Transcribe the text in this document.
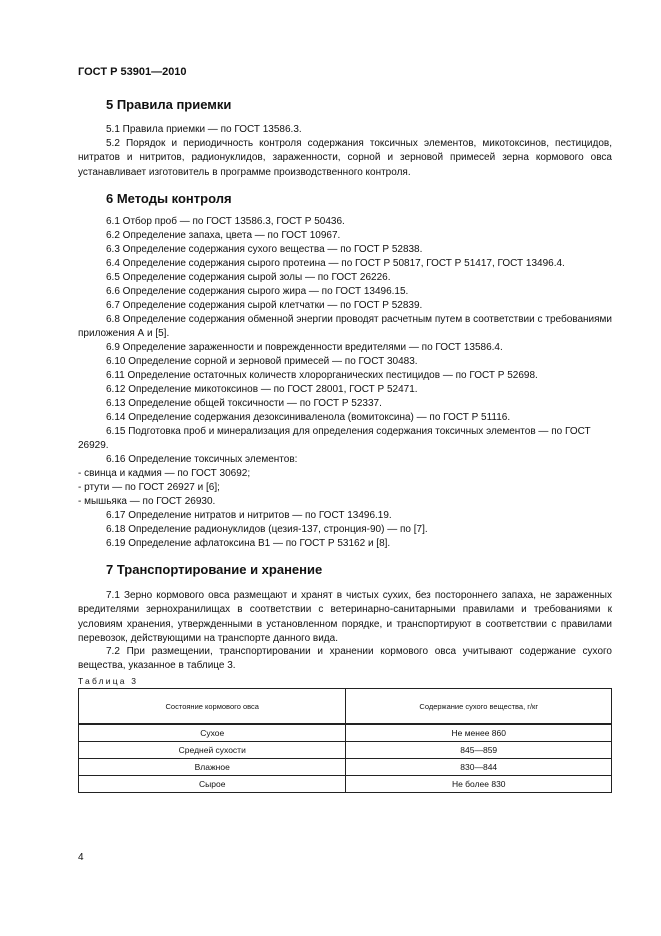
ГОСТ Р 53901—2010
5 Правила приемки
5.1 Правила приемки — по ГОСТ 13586.3.

5.2 Порядок и периодичность контроля содержания токсичных элементов, микотоксинов, пестицидов, нитратов и нитритов, радионуклидов, зараженности, сорной и зерновой примесей зерна кормового овса устанавливает изготовитель в программе производственного контроля.

6 Методы контроля
6.1 Отбор проб — по ГОСТ 13586.3, ГОСТ Р 50436.
6.2 Определение запаха, цвета — по ГОСТ 10967.
6.3 Определение содержания сухого вещества — по ГОСТ Р 52838.
6.4 Определение содержания сырого протеина — по ГОСТ Р 50817, ГОСТ Р 51417, ГОСТ 13496.4.
6.5 Определение содержания сырой золы — по ГОСТ 26226.
6.6 Определение содержания сырого жира — по ГОСТ 13496.15.
6.7 Определение содержания сырой клетчатки — по ГОСТ Р 52839.

6.8 Определение содержания обменной энергии проводят расчетным путем в соответствии с требованиями приложения А и [5].

6.9 Определение зараженности и поврежденности вредителями — по ГОСТ 13586.4.
6.10 Определение сорной и зерновой примесей — по ГОСТ 30483.
6.11 Определение остаточных количеств хлорорганических пестицидов — по ГОСТ Р 52698.
6.12 Определение микотоксинов — по ГОСТ 28001, ГОСТ Р 52471.
6.13 Определение общей токсичности — по ГОСТ Р 52337.
6.14 Определение содержания дезоксиниваленола (вомитоксина) — по ГОСТ Р 51116.

6.15 Подготовка проб и минерализация для определения содержания токсичных элементов — по ГОСТ 26929.

6.16 Определение токсичных элементов:
- свинца и кадмия — по ГОСТ 30692;
- ртути — по ГОСТ 26927 и [6];
- мышьяка — по ГОСТ 26930.
6.17 Определение нитратов и нитритов — по ГОСТ 13496.19.
6.18 Определение радионуклидов (цезия-137, стронция-90) — по [7].
6.19 Определение афлатоксина В1 — по ГОСТ Р 53162 и [8].
7 Транспортирование и хранение

7.1 Зерно кормового овса размещают и хранят в чистых сухих, без постороннего запаха, не зараженных вредителями зернохранилищах в соответствии с ветеринарно-санитарными правилами и требованиями к условиям хранения, утвержденными в установленном порядке, и транспортируют в соответствии с правилами перевозок, действующими на транспорте данного вида.

7.2 При размещении, транспортировании и хранении кормового овса учитывают содержание сухого вещества, указанное в таблице 3.

Таблица 3
Состояние кормового овса	Содержание сухого вещества, г/кг
Сухое	Не менее 860
Средней сухости	845—859
Влажное	830—844
Сырое	Не более 830
4
